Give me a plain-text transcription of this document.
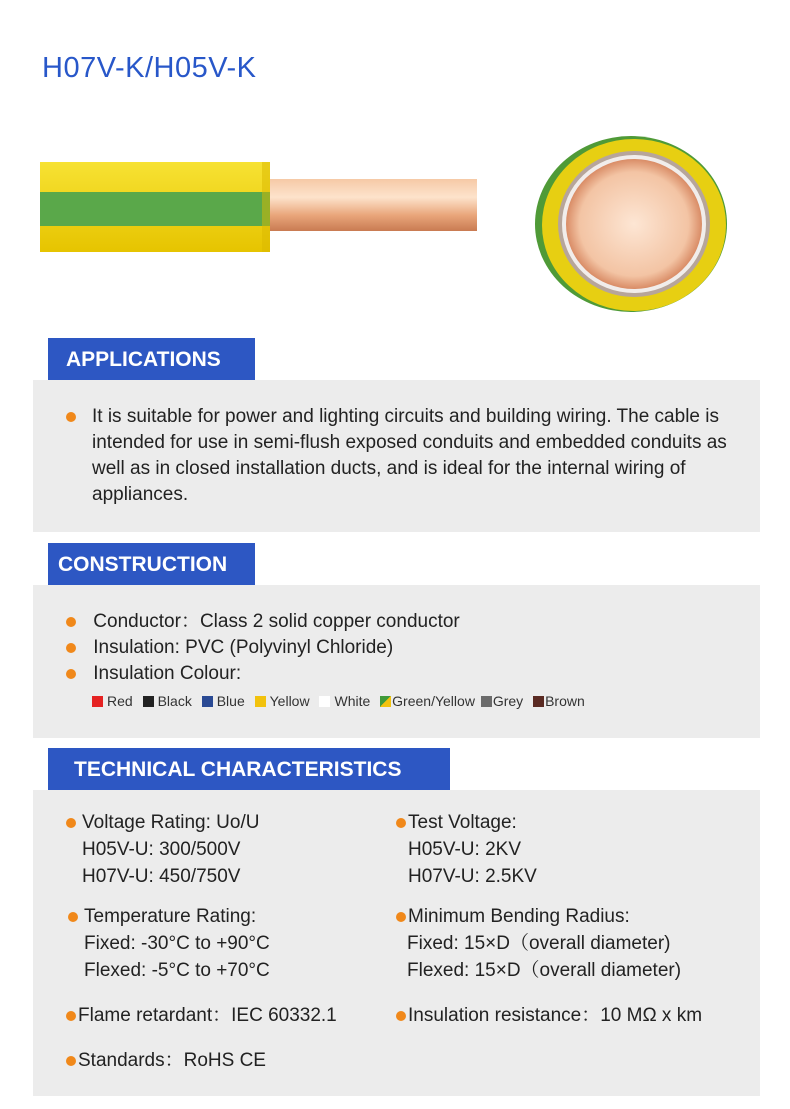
H07V-K/H05V-K
APPLICATIONS
It is suitable for power and lighting circuits and building wiring. The cable is intended for use in semi-flush exposed conduits and embedded conduits as well as in closed installation ducts, and is ideal for the internal wiring of appliances.
CONSTRUCTION
Conductor：Class 2 solid copper conductor
Insulation: PVC (Polyvinyl Chloride)
Insulation Colour:
Red Black Blue Yellow White Green/Yellow Grey Brown
TECHNICAL CHARACTERISTICS
Voltage Rating: Uo/U
H05V-U: 300/500V
H07V-U: 450/750V
Temperature Rating:
Fixed: -30°C to +90°C
Flexed: -5°C to +70°C
Flame retardant：IEC 60332.1
Standards：RoHS CE
Test Voltage:
H05V-U: 2KV
H07V-U: 2.5KV
Minimum Bending Radius:
Fixed: 15×D（overall diameter)
Flexed: 15×D（overall diameter)
Insulation resistance：10 MΩ x km
